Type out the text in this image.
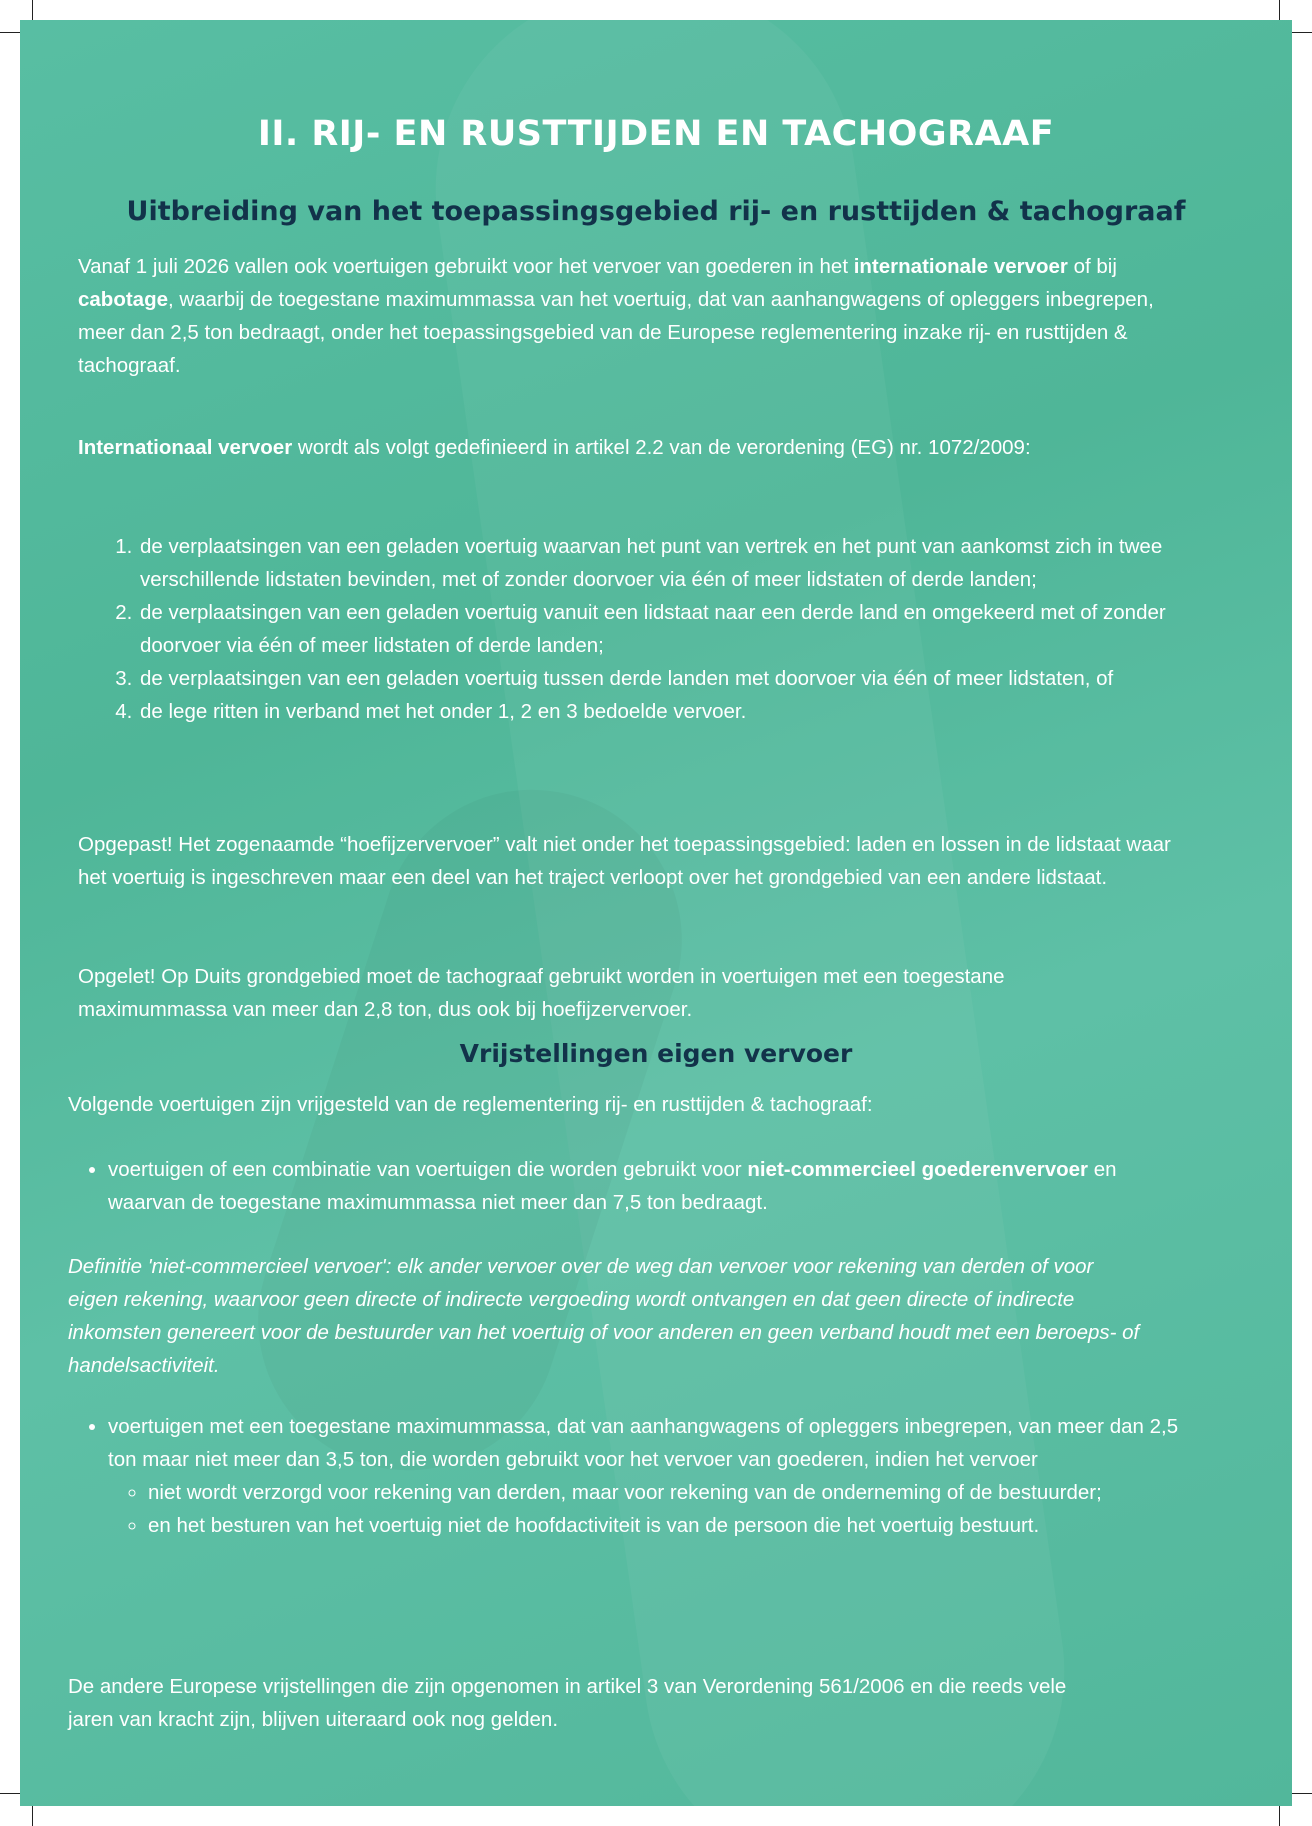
II. RIJ- EN RUSTTIJDEN EN TACHOGRAAF
Uitbreiding van het toepassingsgebied rij- en rusttijden & tachograaf

Vanaf 1 juli 2026 vallen ook voertuigen gebruikt voor het vervoer van goederen in het internationale vervoer of bij cabotage, waarbij de toegestane maximummassa van het voertuig, dat van aanhangwagens of opleggers inbegrepen, meer dan 2,5 ton bedraagt, onder het toepassingsgebied van de Europese reglementering inzake rij- en rusttijden & tachograaf.

Internationaal vervoer wordt als volgt gedefinieerd in artikel 2.2 van de verordening (EG) nr. 1072/2009:

1. de verplaatsingen van een geladen voertuig waarvan het punt van vertrek en het punt van aankomst zich in twee verschillende lidstaten bevinden, met of zonder doorvoer via één of meer lidstaten of derde landen;
2. de verplaatsingen van een geladen voertuig vanuit een lidstaat naar een derde land en omgekeerd met of zonder doorvoer via één of meer lidstaten of derde landen;
3. de verplaatsingen van een geladen voertuig tussen derde landen met doorvoer via één of meer lidstaten, of
4. de lege ritten in verband met het onder 1, 2 en 3 bedoelde vervoer.

Opgepast! Het zogenaamde “hoefijzervervoer” valt niet onder het toepassingsgebied: laden en lossen in de lidstaat waar het voertuig is ingeschreven maar een deel van het traject verloopt over het grondgebied van een andere lidstaat.

Opgelet! Op Duits grondgebied moet de tachograaf gebruikt worden in voertuigen met een toegestane maximummassa van meer dan 2,8 ton, dus ook bij hoefijzervervoer.

Vrijstellingen eigen vervoer

Volgende voertuigen zijn vrijgesteld van de reglementering rij- en rusttijden & tachograaf:

• voertuigen of een combinatie van voertuigen die worden gebruikt voor niet-commercieel goederenvervoer en waarvan de toegestane maximummassa niet meer dan 7,5 ton bedraagt.

Definitie 'niet-commercieel vervoer': elk ander vervoer over de weg dan vervoer voor rekening van derden of voor eigen rekening, waarvoor geen directe of indirecte vergoeding wordt ontvangen en dat geen directe of indirecte inkomsten genereert voor de bestuurder van het voertuig of voor anderen en geen verband houdt met een beroeps- of handelsactiviteit.

• voertuigen met een toegestane maximummassa, dat van aanhangwagens of opleggers inbegrepen, van meer dan 2,5 ton maar niet meer dan 3,5 ton, die worden gebruikt voor het vervoer van goederen, indien het vervoer
◦ niet wordt verzorgd voor rekening van derden, maar voor rekening van de onderneming of de bestuurder;
◦ en het besturen van het voertuig niet de hoofdactiviteit is van de persoon die het voertuig bestuurt.

De andere Europese vrijstellingen die zijn opgenomen in artikel 3 van Verordening 561/2006 en die reeds vele jaren van kracht zijn, blijven uiteraard ook nog gelden.
